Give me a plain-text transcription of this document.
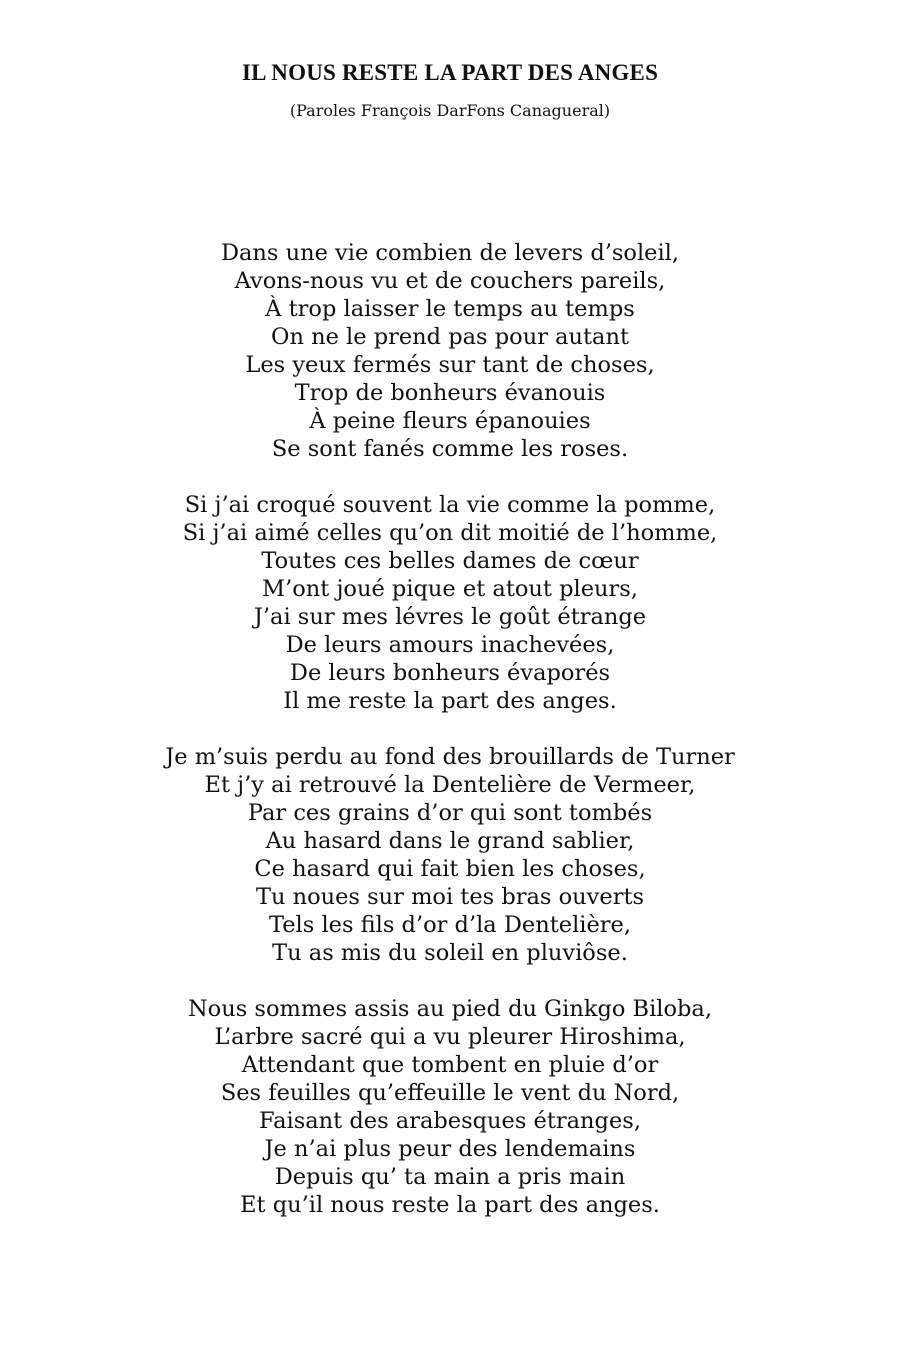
IL NOUS RESTE LA PART DES ANGES

(Paroles François DarFons Canagueral)

Dans une vie combien de levers d’soleil,
Avons-nous vu et de couchers pareils,
À trop laisser le temps au temps
On ne le prend pas pour autant
Les yeux fermés sur tant de choses,
Trop de bonheurs évanouis
À peine fleurs épanouies
Se sont fanés comme les roses.
Si j’ai croqué souvent la vie comme la pomme,
Si j’ai aimé celles qu’on dit moitié de l’homme,
Toutes ces belles dames de cœur
M’ont joué pique et atout pleurs,
J’ai sur mes lévres le goût étrange
De leurs amours inachevées,
De leurs bonheurs évaporés
Il me reste la part des anges.
Je m’suis perdu au fond des brouillards de Turner
Et j’y ai retrouvé la Dentelière de Vermeer,
Par ces grains d’or qui sont tombés
Au hasard dans le grand sablier,
Ce hasard qui fait bien les choses,
Tu noues sur moi tes bras ouverts
Tels les fils d’or d’la Dentelière,
Tu as mis du soleil en pluviôse.
Nous sommes assis au pied du Ginkgo Biloba,
L’arbre sacré qui a vu pleurer Hiroshima,
Attendant que tombent en pluie d’or
Ses feuilles qu’effeuille le vent du Nord,
Faisant des arabesques étranges,
Je n’ai plus peur des lendemains
Depuis qu’ ta main a pris main
Et qu’il nous reste la part des anges.
